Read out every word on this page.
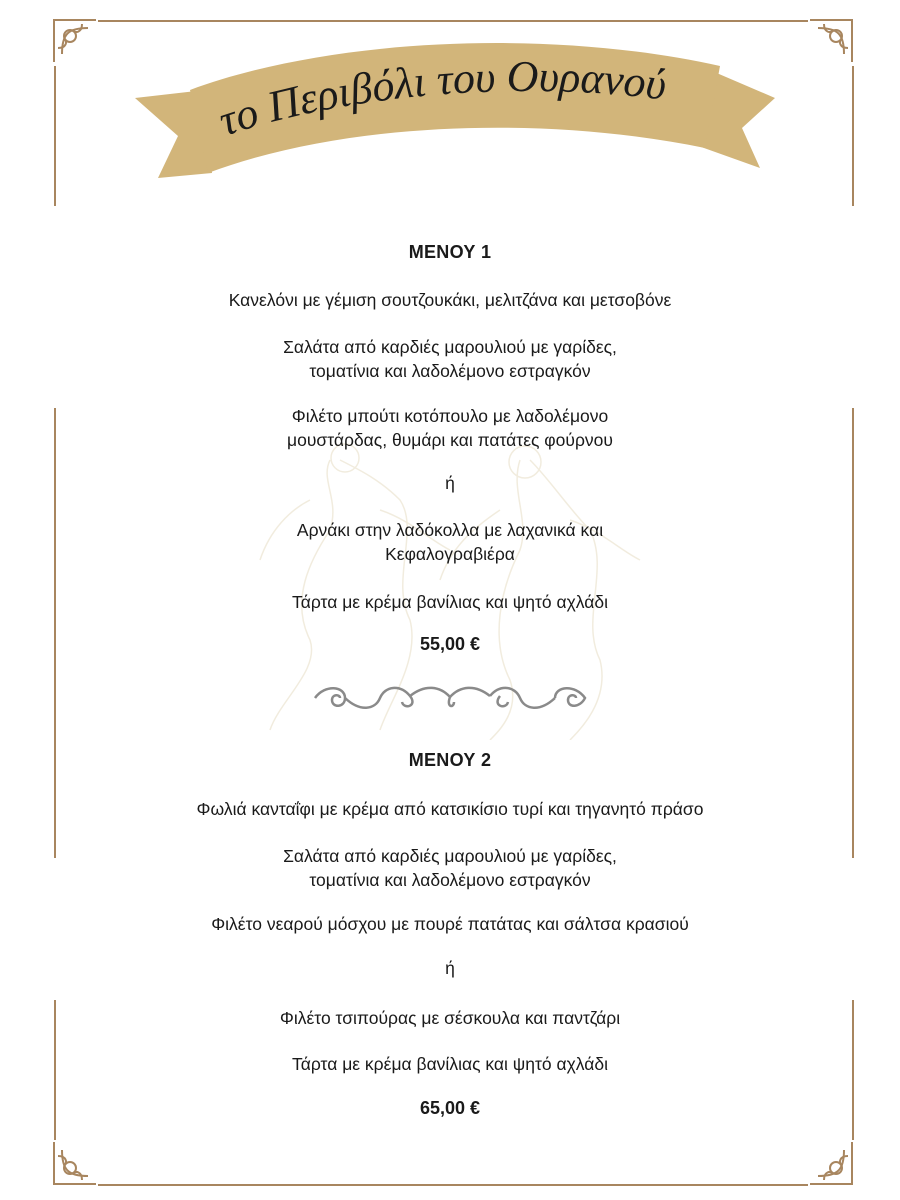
το Περιβόλι του Ουρανού

ΜΕΝΟΥ 1

Κανελόνι με γέμιση σουτζουκάκι, μελιτζάνα και μετσοβόνε

Σαλάτα από καρδιές μαρουλιού με γαρίδες,

τοματίνια και λαδολέμονο εστραγκόν

Φιλέτο μπούτι κοτόπουλο με λαδολέμονο

μουστάρδας, θυμάρι και πατάτες φούρνου

ή

Αρνάκι στην λαδόκολλα με λαχανικά και

Κεφαλογραβιέρα

Τάρτα με κρέμα βανίλιας και ψητό αχλάδι

55,00 €

ΜΕΝΟΥ 2

Φωλιά κανταΐφι με κρέμα από κατσικίσιο τυρί και τηγανητό πράσο

Σαλάτα από καρδιές μαρουλιού με γαρίδες,

τοματίνια και λαδολέμονο εστραγκόν

Φιλέτο νεαρού μόσχου με πουρέ πατάτας και σάλτσα κρασιού

ή

Φιλέτο τσιπούρας με σέσκουλα και παντζάρι

Τάρτα με κρέμα βανίλιας και ψητό αχλάδι

65,00 €
